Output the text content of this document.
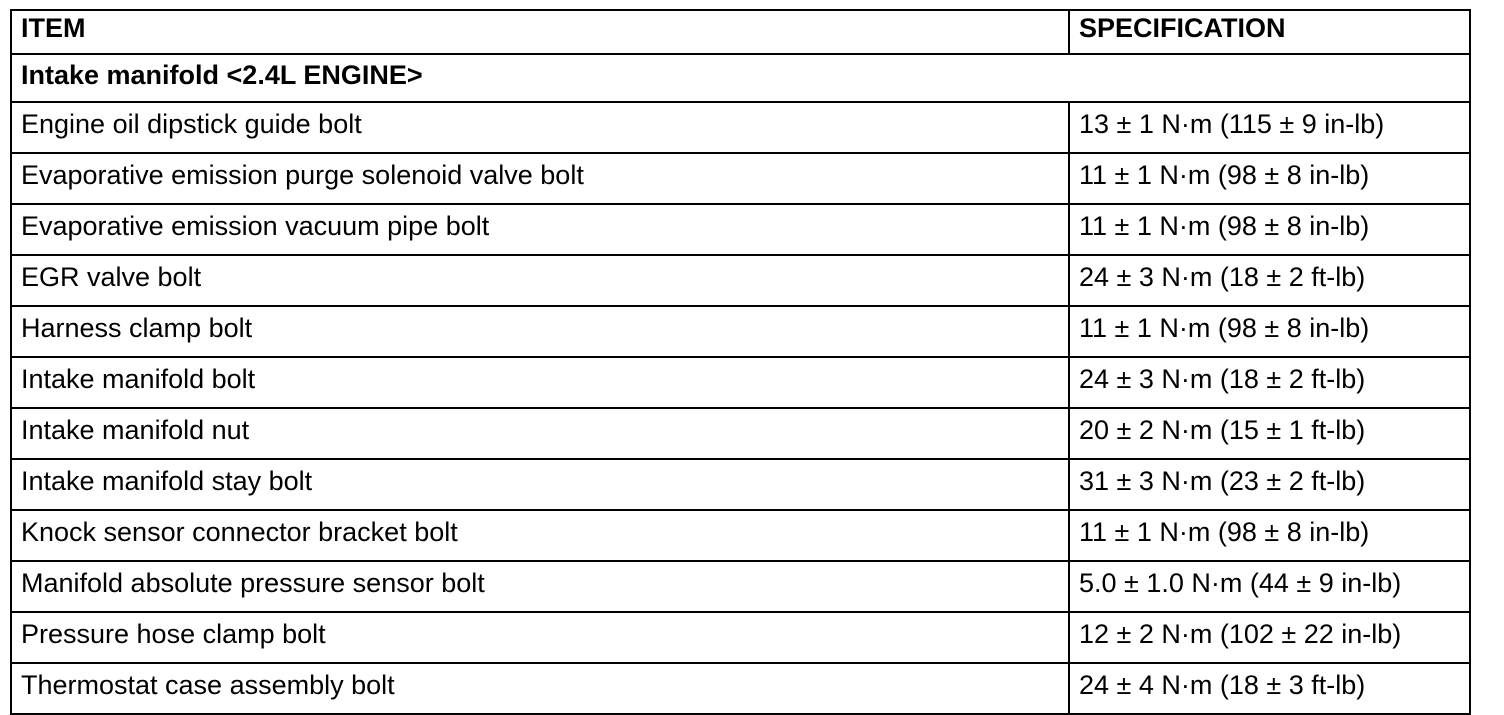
ITEM	SPECIFICATION
Intake manifold <2.4L ENGINE>	
Engine oil dipstick guide bolt	13 ± 1 N·m (115 ± 9 in-lb)
Evaporative emission purge solenoid valve bolt	11 ± 1 N·m (98 ± 8 in-lb)
Evaporative emission vacuum pipe bolt	11 ± 1 N·m (98 ± 8 in-lb)
EGR valve bolt	24 ± 3 N·m (18 ± 2 ft-lb)
Harness clamp bolt	11 ± 1 N·m (98 ± 8 in-lb)
Intake manifold bolt	24 ± 3 N·m (18 ± 2 ft-lb)
Intake manifold nut	20 ± 2 N·m (15 ± 1 ft-lb)
Intake manifold stay bolt	31 ± 3 N·m (23 ± 2 ft-lb)
Knock sensor connector bracket bolt	11 ± 1 N·m (98 ± 8 in-lb)
Manifold absolute pressure sensor bolt	5.0 ± 1.0 N·m (44 ± 9 in-lb)
Pressure hose clamp bolt	12 ± 2 N·m (102 ± 22 in-lb)
Thermostat case assembly bolt	24 ± 4 N·m (18 ± 3 ft-lb)
